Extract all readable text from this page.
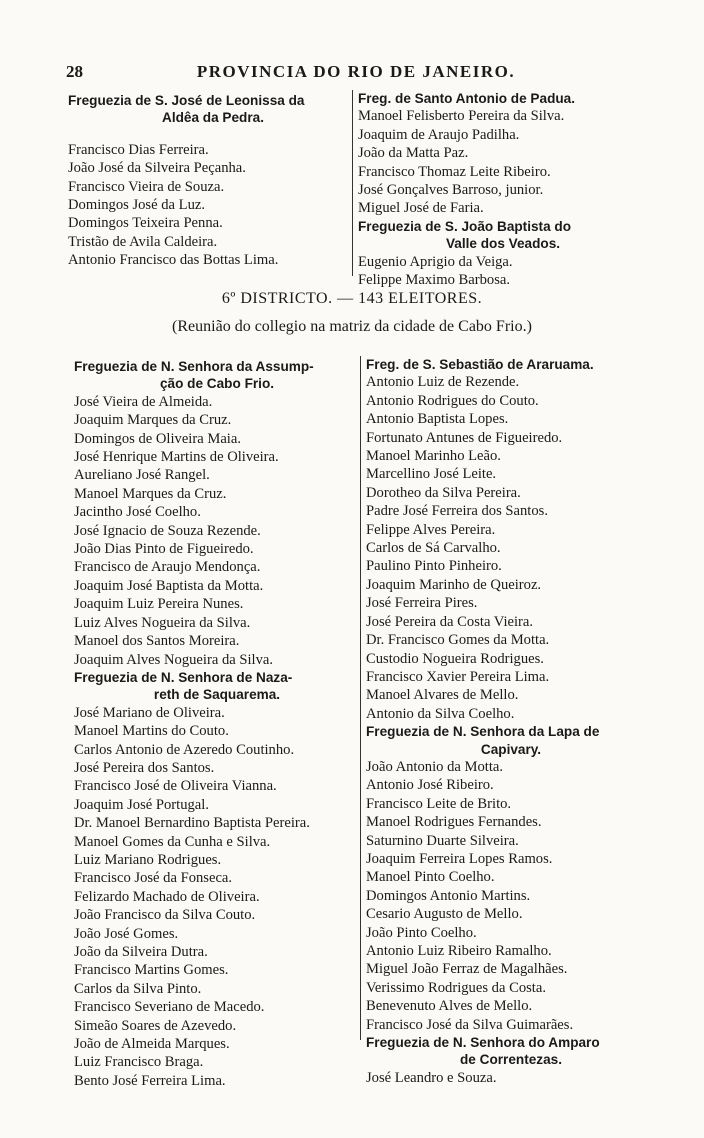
28	PROVINCIA DO RIO DE JANEIRO.
Freguezia de S. José de Leonissa da
Aldêa da Pedra.
Francisco Dias Ferreira.
João José da Silveira Peçanha.
Francisco Vieira de Souza.
Domingos José da Luz.
Domingos Teixeira Penna.
Tristão de Avila Caldeira.
Antonio Francisco das Bottas Lima.
Freg. de Santo Antonio de Padua.
Manoel Felisberto Pereira da Silva.
Joaquim de Araujo Padilha.
João da Matta Paz.
Francisco Thomaz Leite Ribeiro.
José Gonçalves Barroso, junior.
Miguel José de Faria.
Freguezia de S. João Baptista do
Valle dos Veados.
Eugenio Aprigio da Veiga.
Felippe Maximo Barbosa.
6º DISTRICTO. — 143 ELEITORES.
(Reunião do collegio na matriz da cidade de Cabo Frio.)
Freguezia de N. Senhora da Assump-
ção de Cabo Frio.
José Vieira de Almeida.
Joaquim Marques da Cruz.
Domingos de Oliveira Maia.
José Henrique Martins de Oliveira.
Aureliano José Rangel.
Manoel Marques da Cruz.
Jacintho José Coelho.
José Ignacio de Souza Rezende.
João Dias Pinto de Figueiredo.
Francisco de Araujo Mendonça.
Joaquim José Baptista da Motta.
Joaquim Luiz Pereira Nunes.
Luiz Alves Nogueira da Silva.
Manoel dos Santos Moreira.
Joaquim Alves Nogueira da Silva.
Freguezia de N. Senhora de Naza-
reth de Saquarema.
José Mariano de Oliveira.
Manoel Martins do Couto.
Carlos Antonio de Azeredo Coutinho.
José Pereira dos Santos.
Francisco José de Oliveira Vianna.
Joaquim José Portugal.
Dr. Manoel Bernardino Baptista Pereira.
Manoel Gomes da Cunha e Silva.
Luiz Mariano Rodrigues.
Francisco José da Fonseca.
Felizardo Machado de Oliveira.
João Francisco da Silva Couto.
João José Gomes.
João da Silveira Dutra.
Francisco Martins Gomes.
Carlos da Silva Pinto.
Francisco Severiano de Macedo.
Simeão Soares de Azevedo.
João de Almeida Marques.
Luiz Francisco Braga.
Bento José Ferreira Lima.
Freg. de S. Sebastião de Araruama.
Antonio Luiz de Rezende.
Antonio Rodrigues do Couto.
Antonio Baptista Lopes.
Fortunato Antunes de Figueiredo.
Manoel Marinho Leão.
Marcellino José Leite.
Dorotheo da Silva Pereira.
Padre José Ferreira dos Santos.
Felippe Alves Pereira.
Carlos de Sá Carvalho.
Paulino Pinto Pinheiro.
Joaquim Marinho de Queiroz.
José Ferreira Pires.
José Pereira da Costa Vieira.
Dr. Francisco Gomes da Motta.
Custodio Nogueira Rodrigues.
Francisco Xavier Pereira Lima.
Manoel Alvares de Mello.
Antonio da Silva Coelho.
Freguezia de N. Senhora da Lapa de
Capivary.
João Antonio da Motta.
Antonio José Ribeiro.
Francisco Leite de Brito.
Manoel Rodrigues Fernandes.
Saturnino Duarte Silveira.
Joaquim Ferreira Lopes Ramos.
Manoel Pinto Coelho.
Domingos Antonio Martins.
Cesario Augusto de Mello.
João Pinto Coelho.
Antonio Luiz Ribeiro Ramalho.
Miguel João Ferraz de Magalhães.
Verissimo Rodrigues da Costa.
Benevenuto Alves de Mello.
Francisco José da Silva Guimarães.
Freguezia de N. Senhora do Amparo
de Correntezas.
José Leandro e Souza.
